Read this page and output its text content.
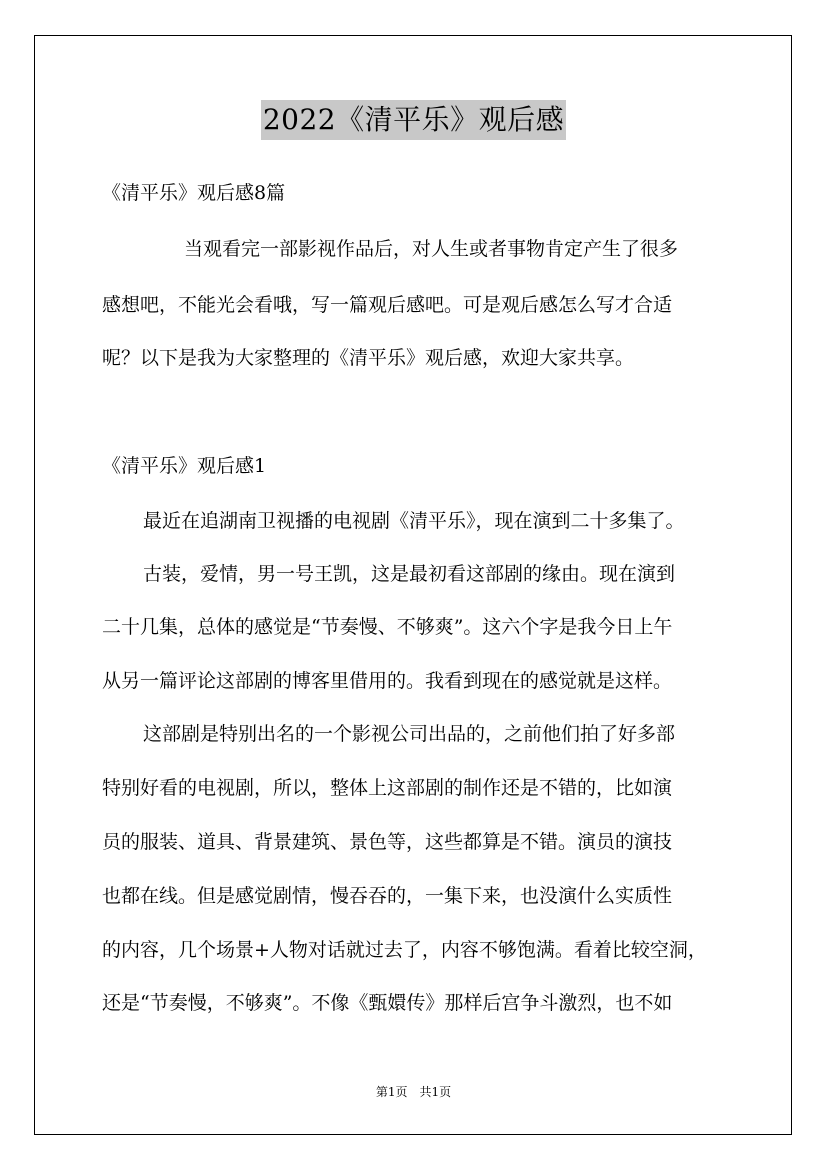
2022《清平乐》观后感
《清平乐》观后感8篇
当观看完一部影视作品后，对人生或者事物肯定产生了很多
感想吧，不能光会看哦，写一篇观后感吧。可是观后感怎么写才合适
呢？以下是我为大家整理的《清平乐》观后感，欢迎大家共享。
《清平乐》观后感1
最近在追湖南卫视播的电视剧《清平乐》，现在演到二十多集了。
古装，爱情，男一号王凯，这是最初看这部剧的缘由。现在演到
二十几集，总体的感觉是“节奏慢、不够爽”。这六个字是我今日上午
从另一篇评论这部剧的博客里借用的。我看到现在的感觉就是这样。
这部剧是特别出名的一个影视公司出品的，之前他们拍了好多部
特别好看的电视剧，所以，整体上这部剧的制作还是不错的，比如演
员的服装、道具、背景建筑、景色等，这些都算是不错。演员的演技
也都在线。但是感觉剧情，慢吞吞的，一集下来，也没演什么实质性
的内容，几个场景+人物对话就过去了，内容不够饱满。看着比较空洞，
还是“节奏慢，不够爽”。不像《甄嬛传》那样后宫争斗激烈，也不如
第1页　共1页
